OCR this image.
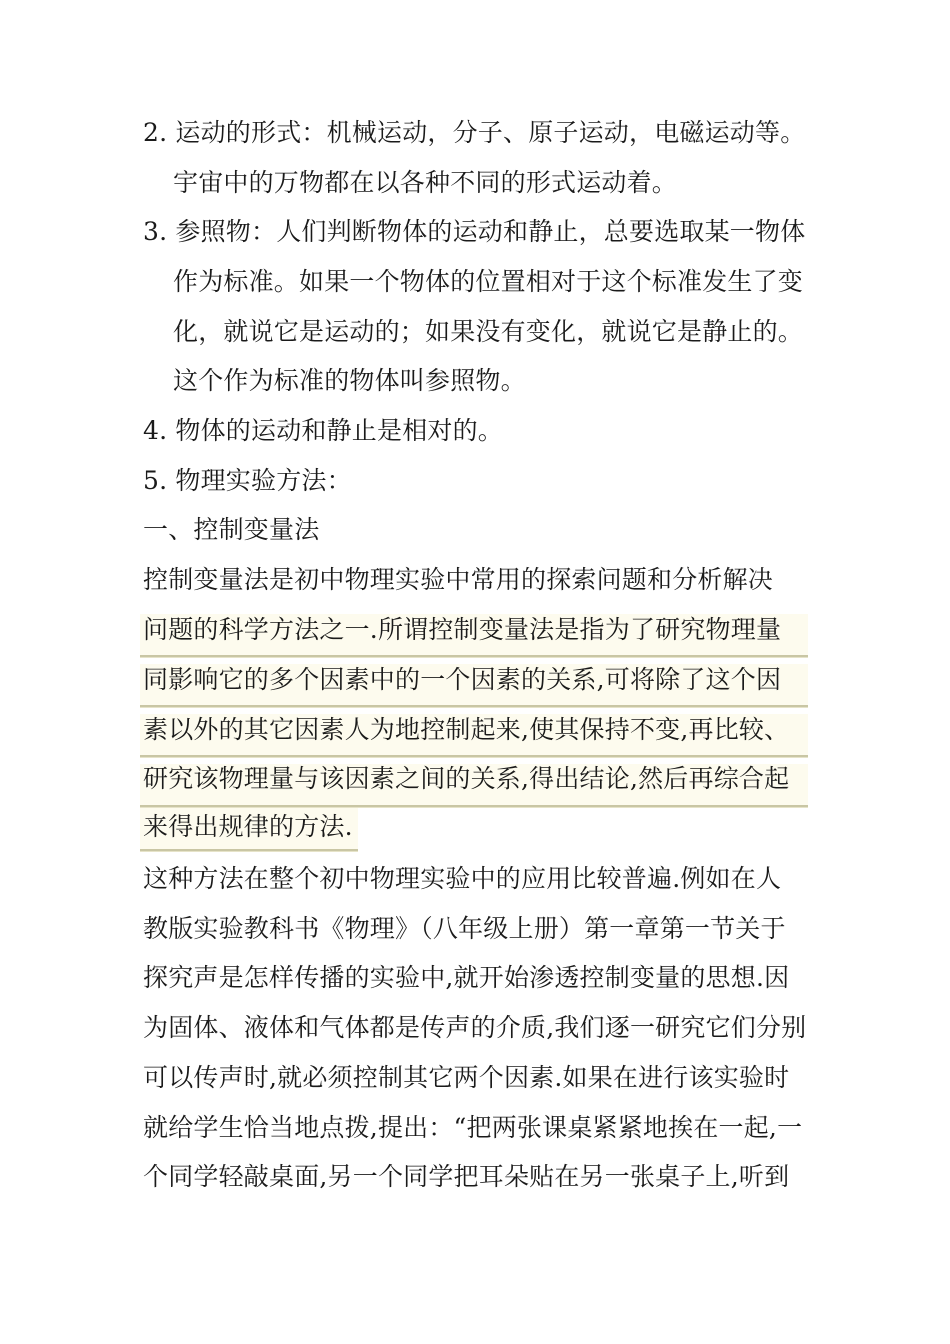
2. 运动的形式：机械运动，分子、原子运动，电磁运动等。
宇宙中的万物都在以各种不同的形式运动着。
3. 参照物：人们判断物体的运动和静止，总要选取某一物体
作为标准。如果一个物体的位置相对于这个标准发生了变
化，就说它是运动的；如果没有变化，就说它是静止的。
这个作为标准的物体叫参照物。
4. 物体的运动和静止是相对的。
5. 物理实验方法：
一、控制变量法
控制变量法是初中物理实验中常用的探索问题和分析解决
问题的科学方法之一.所谓控制变量法是指为了研究物理量
同影响它的多个因素中的一个因素的关系,可将除了这个因
素以外的其它因素人为地控制起来,使其保持不变,再比较、
研究该物理量与该因素之间的关系,得出结论,然后再综合起
来得出规律的方法.
这种方法在整个初中物理实验中的应用比较普遍.例如在人
教版实验教科书《物理》（八年级上册）第一章第一节关于
探究声是怎样传播的实验中,就开始渗透控制变量的思想.因
为固体、液体和气体都是传声的介质,我们逐一研究它们分别
可以传声时,就必须控制其它两个因素.如果在进行该实验时
就给学生恰当地点拨,提出：“把两张课桌紧紧地挨在一起,一
个同学轻敲桌面,另一个同学把耳朵贴在另一张桌子上,听到
